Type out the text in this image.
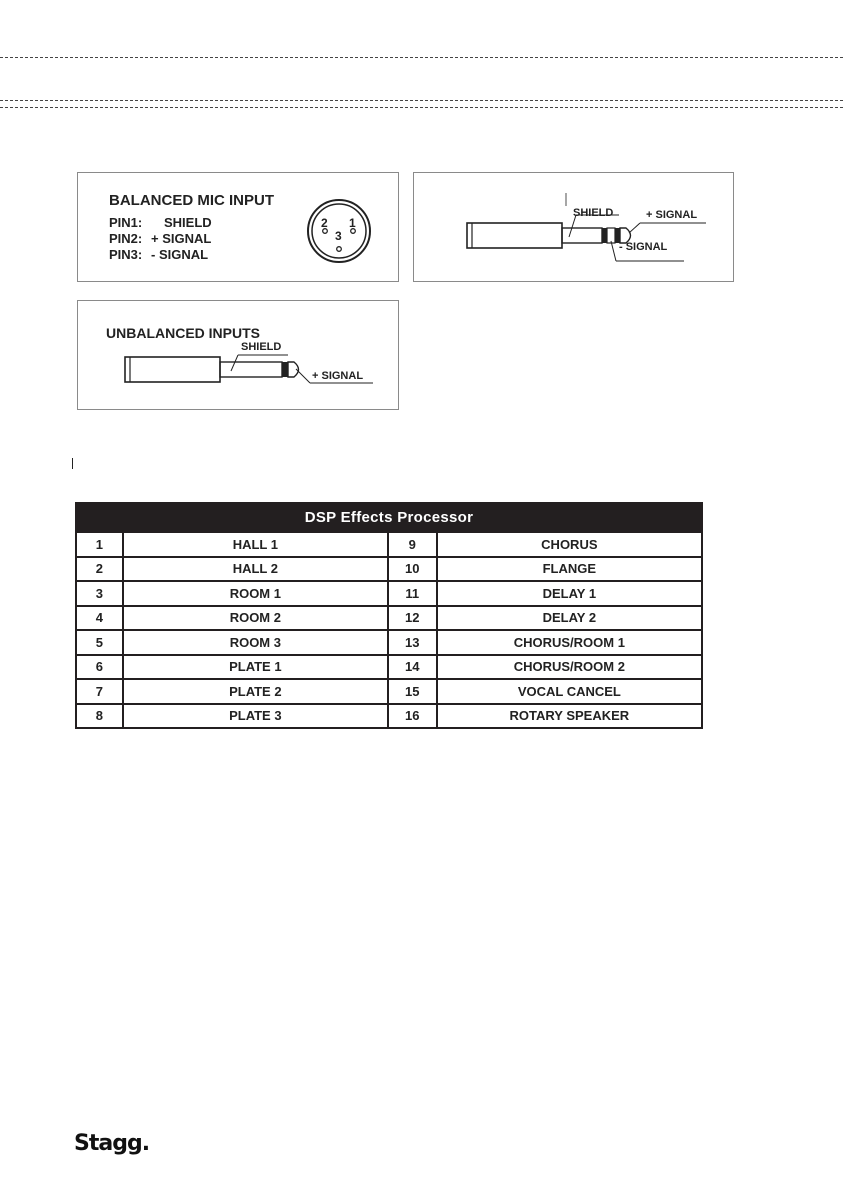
BALANCED MIC INPUT
PIN1: SHIELD
PIN2: + SIGNAL
PIN3: - SIGNAL
2 1
3
SHIELD	+ SIGNAL
- SIGNAL
UNBALANCED INPUTS
SHIELD
+ SIGNAL
DSP Effects Processor			
1	HALL 1	9	CHORUS
2	HALL 2	10	FLANGE
3	ROOM 1	11	DELAY 1
4	ROOM 2	12	DELAY 2
5	ROOM 3	13	CHORUS/ROOM 1
6	PLATE 1	14	CHORUS/ROOM 2
7	PLATE 2	15	VOCAL CANCEL
8	PLATE 3	16	ROTARY SPEAKER
Stagg.
